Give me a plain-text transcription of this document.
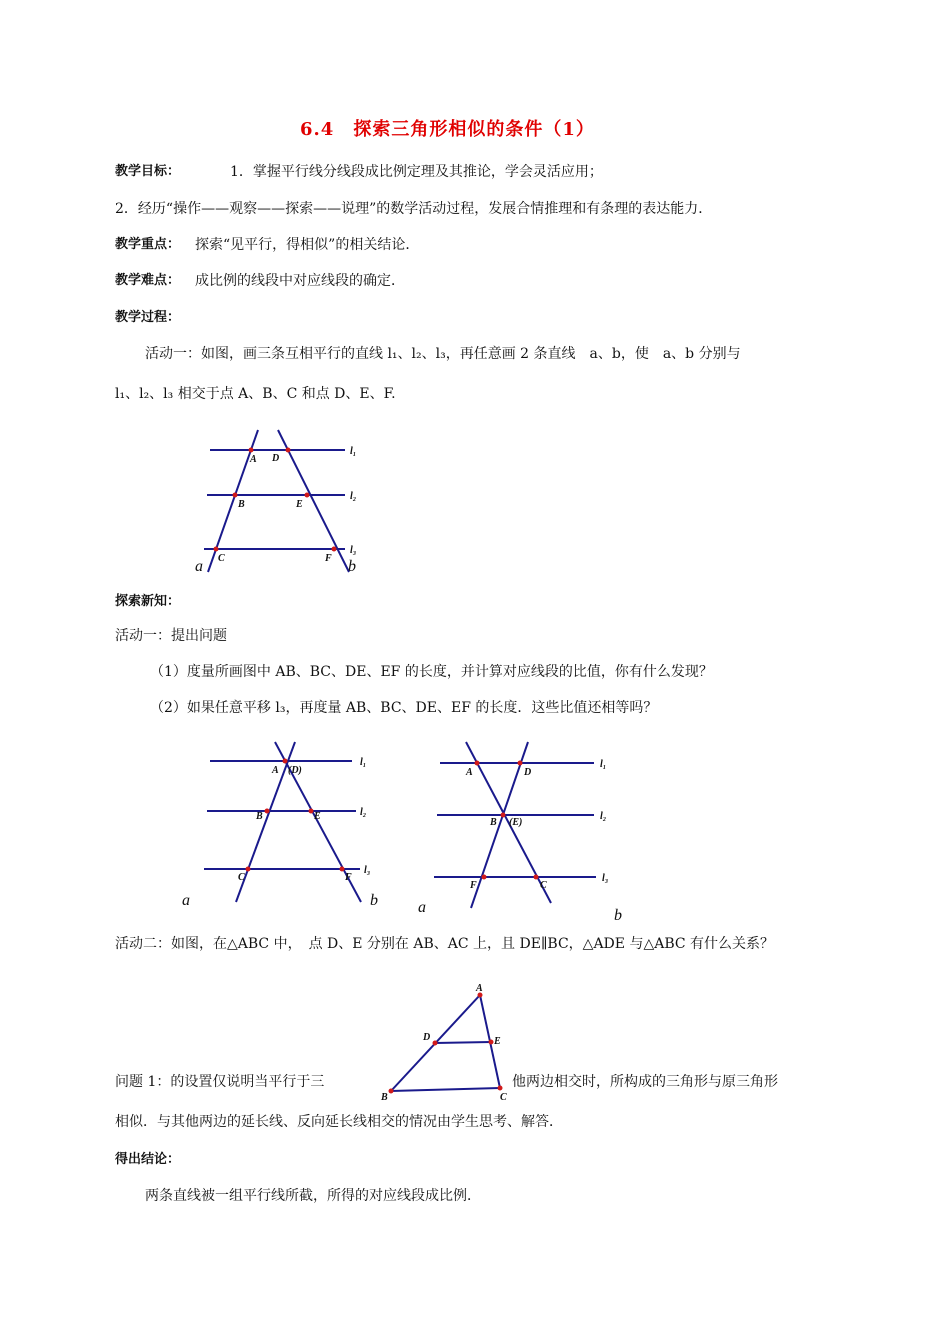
6.4　探索三角形相似的条件（1）
教学目标：	1．掌握平行线分线段成比例定理及其推论，学会灵活应用；
2．经历“操作——观察——探索——说理”的数学活动过程，发展合情推理和有条理的表达能力．
教学重点： 探索“见平行，得相似”的相关结论．
教学难点： 成比例的线段中对应线段的确定．
教学过程：
活动一：如图，画三条互相平行的直线 l₁、l₂、l₃，再任意画 2 条直线　a、b，使　a、b 分别与
l₁、l₂、l₃ 相交于点 A、B、C 和点 D、E、F.
A D
B	E
C	F
l₁
l₂
l₃
a	b
探索新知：
活动一：提出问题
（1）度量所画图中 AB、BC、DE、EF 的长度，并计算对应线段的比值，你有什么发现？
（2）如果任意平移 l₃，再度量 AB、BC、DE、EF 的长度．这些比值还相等吗？
A (D)
B	E
C	F
l₁
l₂
l₃
a	b
A	D
B (E)
F	C
l₁
l₂
l₃
a	b
活动二：如图，在△ABC 中，　点 D、E 分别在 AB、AC 上，且 DE∥BC，△ADE 与△ABC 有什么关系？
问题 1：的设置仅说明当平行于三	他两边相交时，所构成的三角形与原三角形
A
D	E
B	C
相似．与其他两边的延长线、反向延长线相交的情况由学生思考、解答．
得出结论：
两条直线被一组平行线所截，所得的对应线段成比例．
